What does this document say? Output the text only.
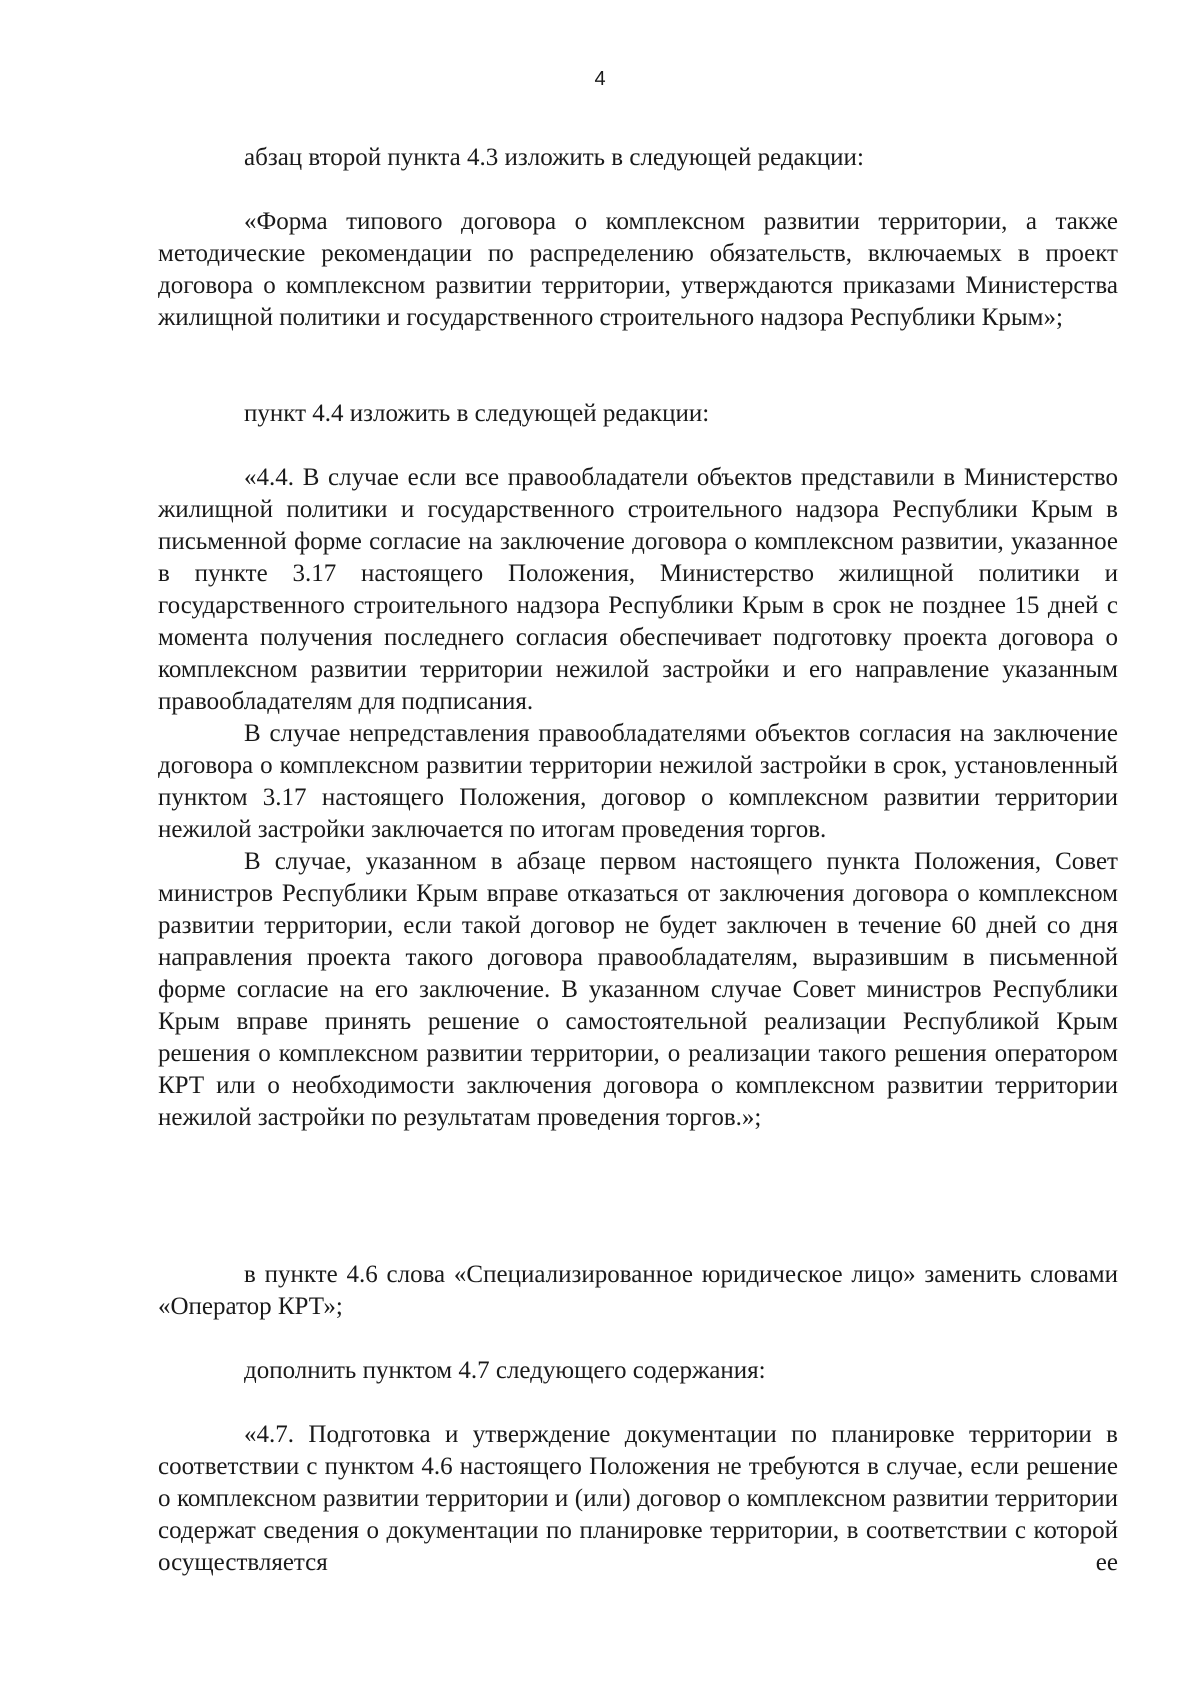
4

абзац второй пункта 4.3 изложить в следующей редакции:

«Форма типового договора о комплексном развитии территории, а также методические рекомендации по распределению обязательств, включаемых в проект договора о комплексном развитии территории, утверждаются приказами Министерства жилищной политики и государственного строительного надзора Республики Крым»;

пункт 4.4 изложить в следующей редакции:

«4.4. В случае если все правообладатели объектов представили в Министерство жилищной политики и государственного строительного надзора Республики Крым в письменной форме согласие на заключение договора о комплексном развитии, указанное в пункте 3.17 настоящего Положения, Министерство жилищной политики и государственного строительного надзора Республики Крым в срок не позднее 15 дней с момента получения последнего согласия обеспечивает подготовку проекта договора о комплексном развитии территории нежилой застройки и его направление указанным правообладателям для подписания.

В случае непредставления правообладателями объектов согласия на заключение договора о комплексном развитии территории нежилой застройки в срок, установленный пунктом 3.17 настоящего Положения, договор о комплексном развитии территории нежилой застройки заключается по итогам проведения торгов.

В случае, указанном в абзаце первом настоящего пункта Положения, Совет министров Республики Крым вправе отказаться от заключения договора о комплексном развитии территории, если такой договор не будет заключен в течение 60 дней со дня направления проекта такого договора правообладателям, выразившим в письменной форме согласие на его заключение. В указанном случае Совет министров Республики Крым вправе принять решение о самостоятельной реализации Республикой Крым решения о комплексном развитии территории, о реализации такого решения оператором КРТ или о необходимости заключения договора о комплексном развитии территории нежилой застройки по результатам проведения торгов.»;

в пункте 4.6 слова «Специализированное юридическое лицо» заменить словами «Оператор КРТ»;

дополнить пунктом 4.7 следующего содержания:

«4.7. Подготовка и утверждение документации по планировке территории в соответствии с пунктом 4.6 настоящего Положения не требуются в случае, если решение о комплексном развитии территории и (или) договор о комплексном развитии территории содержат сведения о документации по планировке территории, в соответствии с которой осуществляется ее
